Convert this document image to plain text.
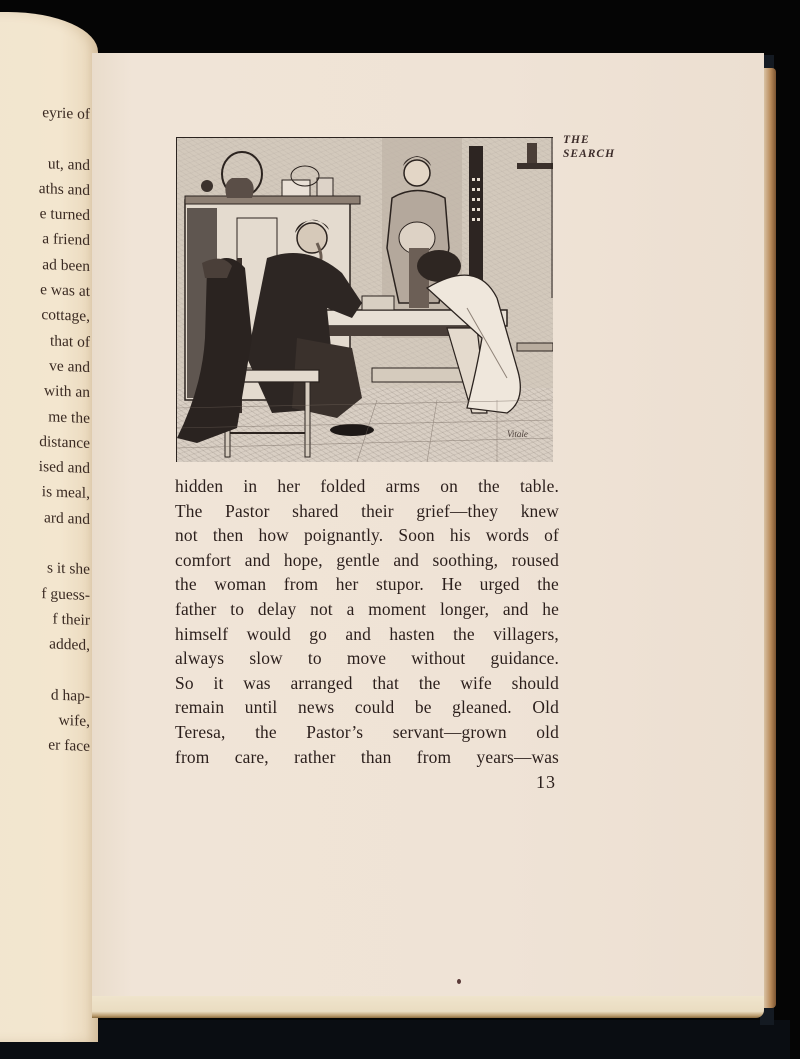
eyrie of
ut, and
aths and
e turned
a friend
ad been
e was at
cottage,
that of
ve and
with an
me the
distance
ised and
is meal,
ard and
s it she
f guess-
f their
added,
d hap-
wife,
er face
Vitale
THE
SEARCH
hidden in her folded arms on the table.
The Pastor shared their grief—they knew
not then how poignantly. Soon his words of
comfort and hope, gentle and soothing, roused
the woman from her stupor. He urged the
father to delay not a moment longer, and he
himself would go and hasten the villagers,
always slow to move without guidance.
So it was arranged that the wife should
remain until news could be gleaned. Old
Teresa, the Pastor’s servant—grown old
from care, rather than from years—was
13
